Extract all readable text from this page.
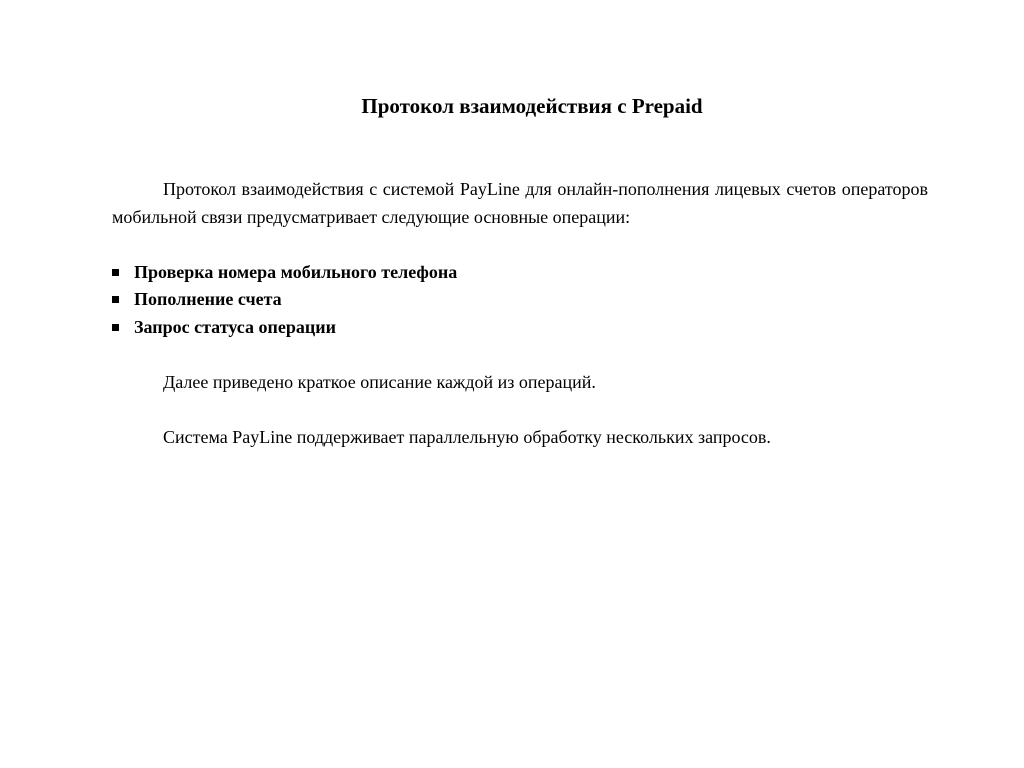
Протокол взаимодействия с Prepaid

Протокол взаимодействия с системой PayLine для онлайн-пополнения лицевых счетов операторов мобильной связи предусматривает следующие основные операции:

Проверка номера мобильного телефона
Пополнение счета
Запрос статуса операции

Далее приведено краткое описание каждой из операций.

Система PayLine поддерживает параллельную обработку нескольких запросов.
